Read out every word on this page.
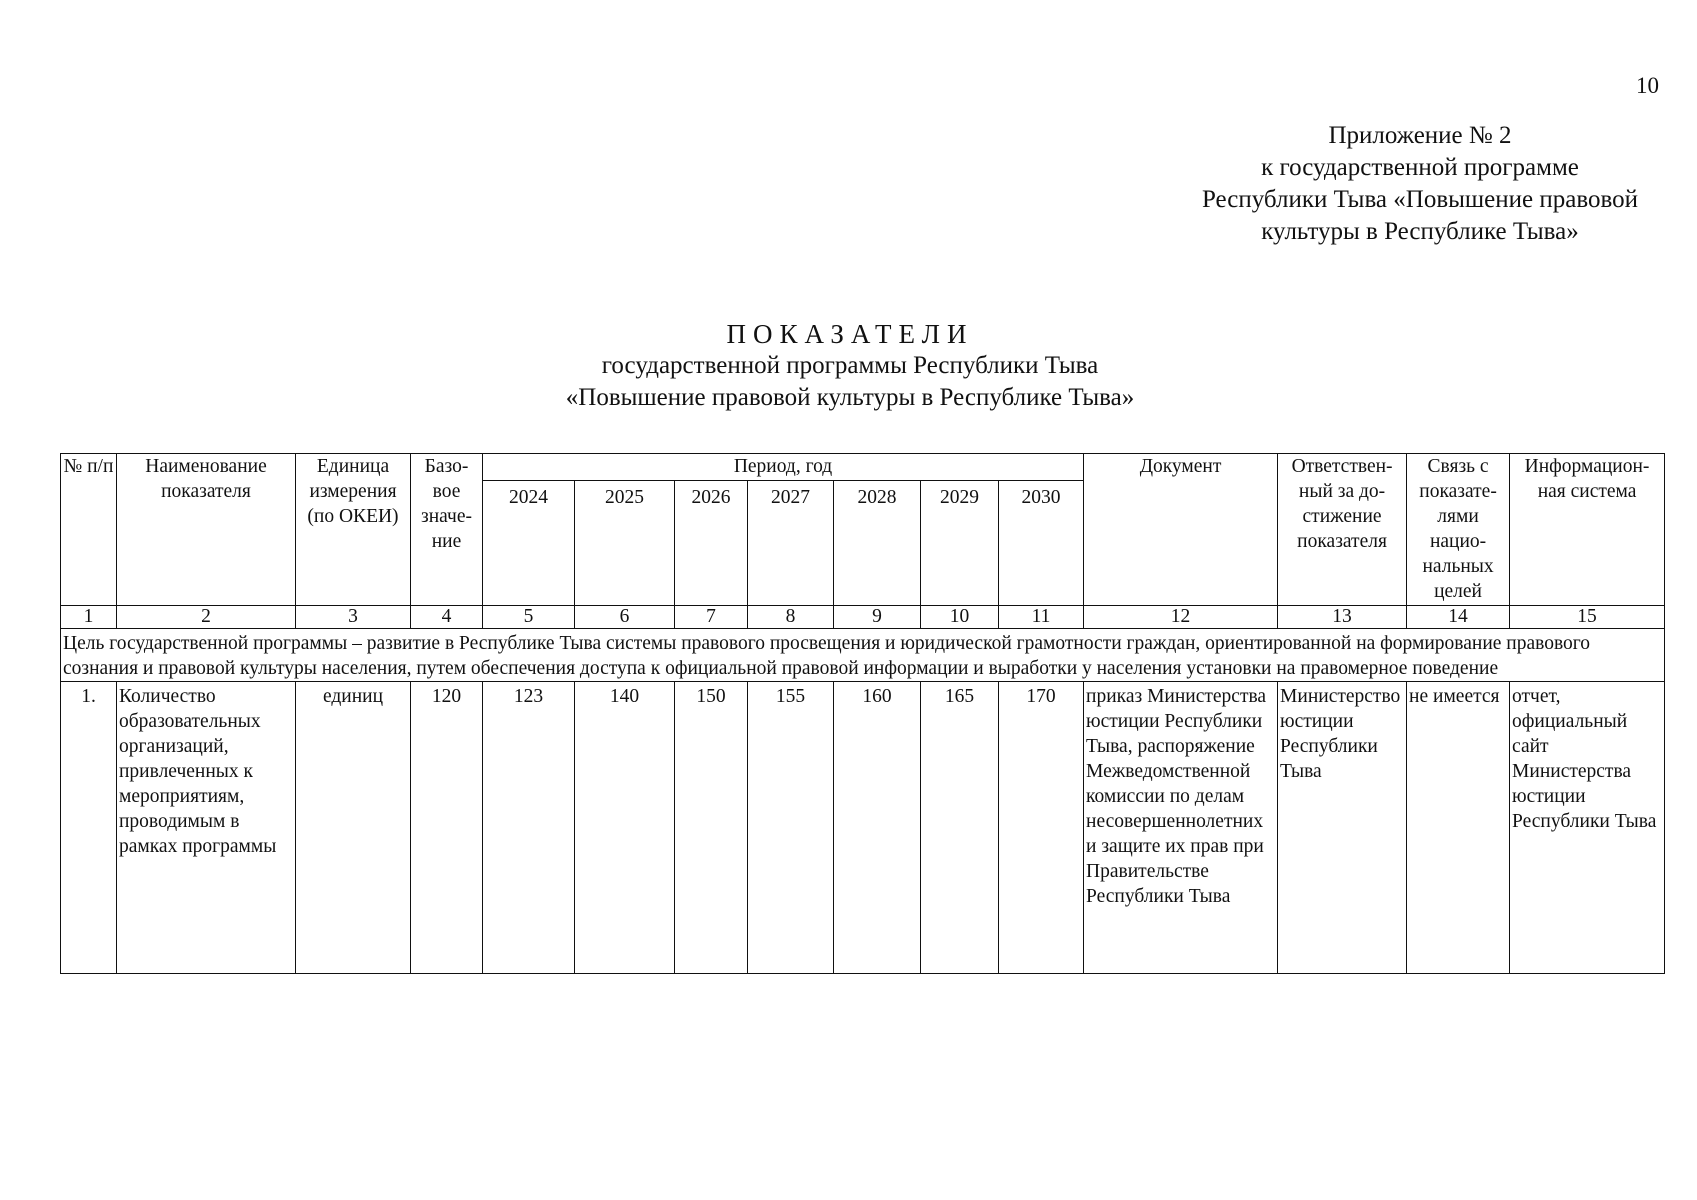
10
Приложение № 2
к государственной программе
Республики Тыва «Повышение правовой
культуры в Республике Тыва»
ПОКАЗАТЕЛИ
государственной программы Республики Тыва
«Повышение правовой культуры в Республике Тыва»
№ п/п	Наименование показателя	Единица измерения (по ОКЕИ)	Базо-вое значе-ние	Период, год							Документ	Ответствен-ный за до-стижение показателя	Связь с показате-лями нацио-нальных целей	Информацион-ная система
				2024	2025	2026	2027	2028	2029	2030				
1	2	3	4	5	6	7	8	9	10	11	12	13	14	15
Цель государственной программы – развитие в Республике Тыва системы правового просвещения и юридической грамотности граждан, ориентированной на формирование правового сознания и правовой культуры населения, путем обеспечения доступа к официальной правовой информации и выработки у населения установки на правомерное поведение														
1.	Количество образовательных организаций, привлеченных к мероприятиям, проводимым в рамках программы	единиц	120	123	140	150	155	160	165	170	приказ Министерства юстиции Республики Тыва, распоряжение Межведомственной комиссии по делам несовершеннолетних и защите их прав при Правительстве Республики Тыва	Министерство юстиции Республики Тыва	не имеется	отчет, официальный сайт Министерства юстиции Республики Тыва
